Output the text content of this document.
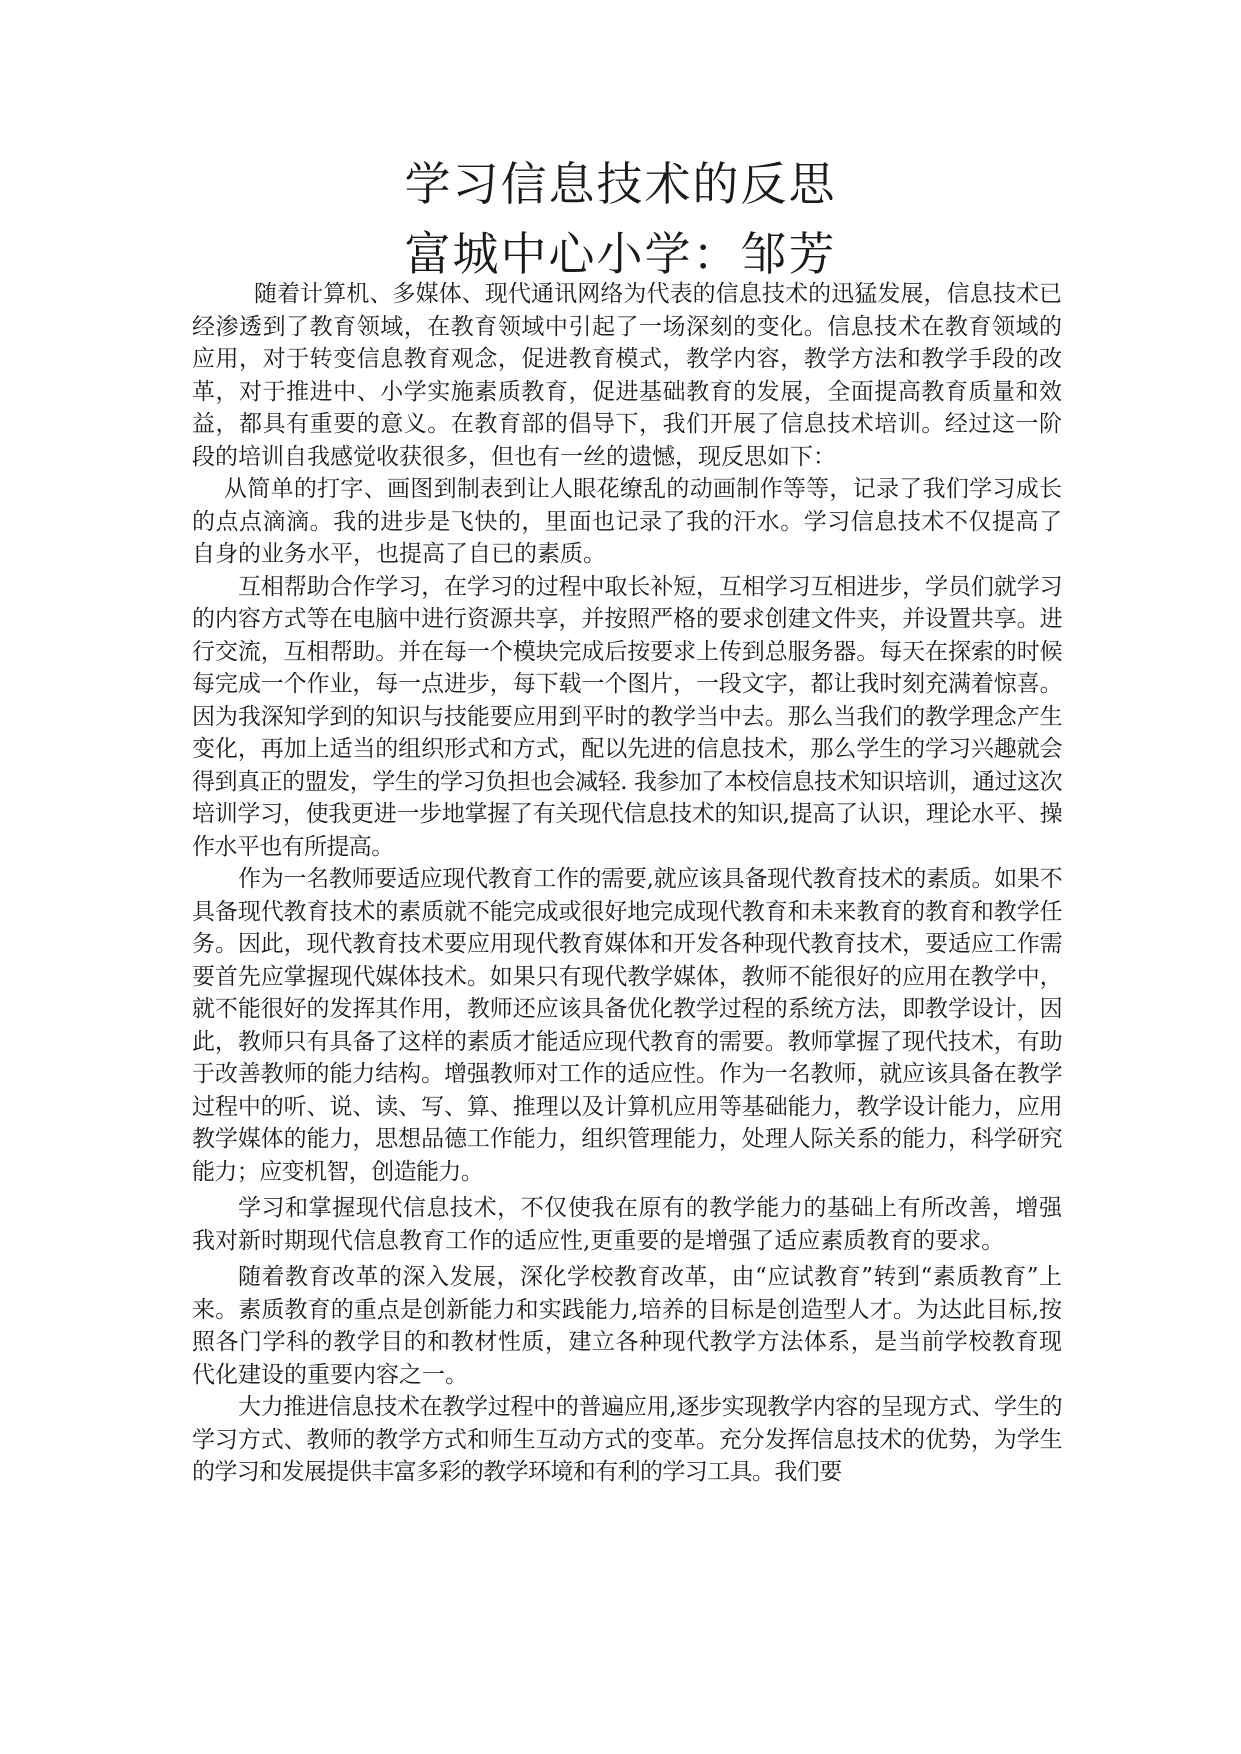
学习信息技术的反思
富城中心小学：邹芳

随着计算机、多媒体、现代通讯网络为代表的信息技术的迅猛发展，信息技术已经渗透到了教育领域，在教育领域中引起了一场深刻的变化。信息技术在教育领域的应用，对于转变信息教育观念，促进教育模式，教学内容，教学方法和教学手段的改革，对于推进中、小学实施素质教育，促进基础教育的发展，全面提高教育质量和效益，都具有重要的意义。在教育部的倡导下，我们开展了信息技术培训。经过这一阶段的培训自我感觉收获很多，但也有一丝的遗憾，现反思如下：

从简单的打字、画图到制表到让人眼花缭乱的动画制作等等，记录了我们学习成长的点点滴滴。我的进步是飞快的，里面也记录了我的汗水。学习信息技术不仅提高了自身的业务水平，也提高了自已的素质。

互相帮助合作学习，在学习的过程中取长补短，互相学习互相进步，学员们就学习的内容方式等在电脑中进行资源共享，并按照严格的要求创建文件夹，并设置共享。进行交流，互相帮助。并在每一个模块完成后按要求上传到总服务器。每天在探索的时候每完成一个作业，每一点进步，每下载一个图片，一段文字，都让我时刻充满着惊喜。因为我深知学到的知识与技能要应用到平时的教学当中去。那么当我们的教学理念产生变化，再加上适当的组织形式和方式，配以先进的信息技术，那么学生的学习兴趣就会得到真正的盟发，学生的学习负担也会减轻. 我参加了本校信息技术知识培训，通过这次培训学习，使我更进一步地掌握了有关现代信息技术的知识,提高了认识，理论水平、操作水平也有所提高。

作为一名教师要适应现代教育工作的需要,就应该具备现代教育技术的素质。如果不具备现代教育技术的素质就不能完成或很好地完成现代教育和未来教育的教育和教学任务。因此，现代教育技术要应用现代教育媒体和开发各种现代教育技术，要适应工作需要首先应掌握现代媒体技术。如果只有现代教学媒体，教师不能很好的应用在教学中，就不能很好的发挥其作用，教师还应该具备优化教学过程的系统方法，即教学设计，因此，教师只有具备了这样的素质才能适应现代教育的需要。教师掌握了现代技术，有助于改善教师的能力结构。增强教师对工作的适应性。作为一名教师，就应该具备在教学过程中的听、说、读、写、算、推理以及计算机应用等基础能力，教学设计能力，应用教学媒体的能力，思想品德工作能力，组织管理能力，处理人际关系的能力，科学研究能力；应变机智，创造能力。

学习和掌握现代信息技术，不仅使我在原有的教学能力的基础上有所改善，增强我对新时期现代信息教育工作的适应性,更重要的是增强了适应素质教育的要求。

随着教育改革的深入发展，深化学校教育改革，由“应试教育”转到“素质教育”上来。素质教育的重点是创新能力和实践能力,培养的目标是创造型人才。为达此目标,按照各门学科的教学目的和教材性质，建立各种现代教学方法体系，是当前学校教育现代化建设的重要内容之一。

大力推进信息技术在教学过程中的普遍应用,逐步实现教学内容的呈现方式、学生的学习方式、教师的教学方式和师生互动方式的变革。充分发挥信息技术的优势，为学生的学习和发展提供丰富多彩的教学环境和有利的学习工具。我们要
